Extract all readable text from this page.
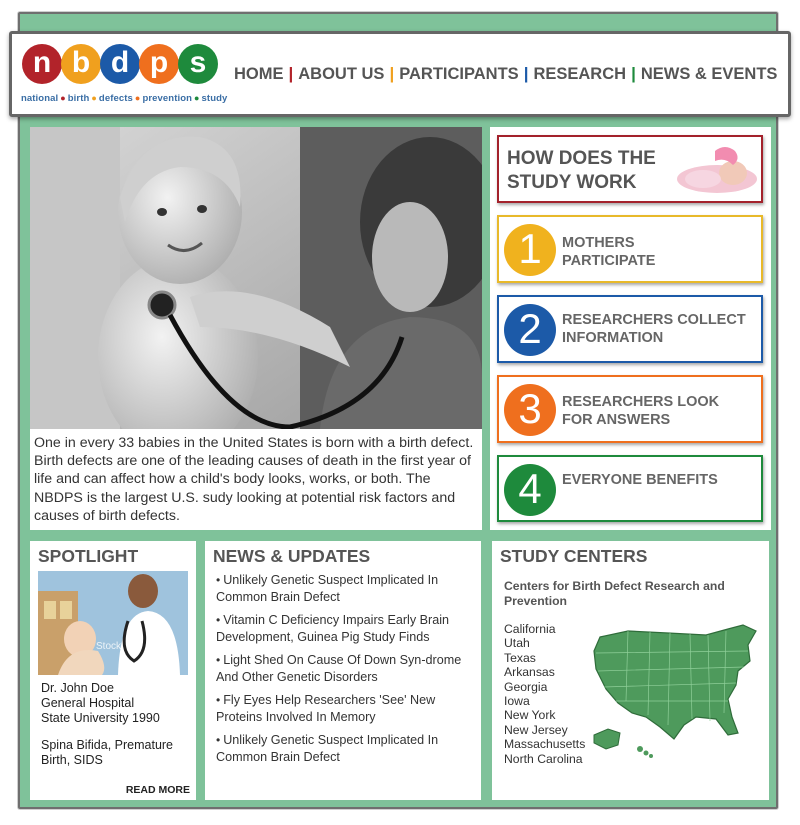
n b d p s
national ● birth ● defects ● prevention ● study
HOME | ABOUT US | PARTICIPANTS | RESEARCH | NEWS & EVENTS

One in every 33 babies in the United States is born with a birth defect. Birth defects are one of the leading causes of death in the first year of life and can affect how a child's body looks, works, or both. The NBDPS is the largest U.S. sudy looking at potential risk factors and causes of birth defects.

HOW DOES THE
STUDY WORK
1	MOTHERS
PARTICIPATE
2	RESEARCHERS COLLECT
INFORMATION
3	RESEARCHERS LOOK
FOR ANSWERS
4	EVERYONE BENEFITS
SPOTLIGHT
Stock
Dr. John Doe
General Hospital
State University 1990
Spina Bifida, Premature Birth, SIDS
READ MORE
NEWS & UPDATES
• Unlikely Genetic Suspect Implicated In Common Brain Defect
• Vitamin C Deficiency Impairs Early Brain Development, Guinea Pig Study Finds
• Light Shed On Cause Of Down Syn-drome And Other Genetic Disorders
• Fly Eyes Help Researchers 'See' New Proteins Involved In Memory
• Unlikely Genetic Suspect Implicated In Common Brain Defect
STUDY CENTERS
Centers for Birth Defect Research and Prevention
California
Utah
Texas
Arkansas
Georgia
Iowa
New York
New Jersey
Massachusetts
North Carolina
